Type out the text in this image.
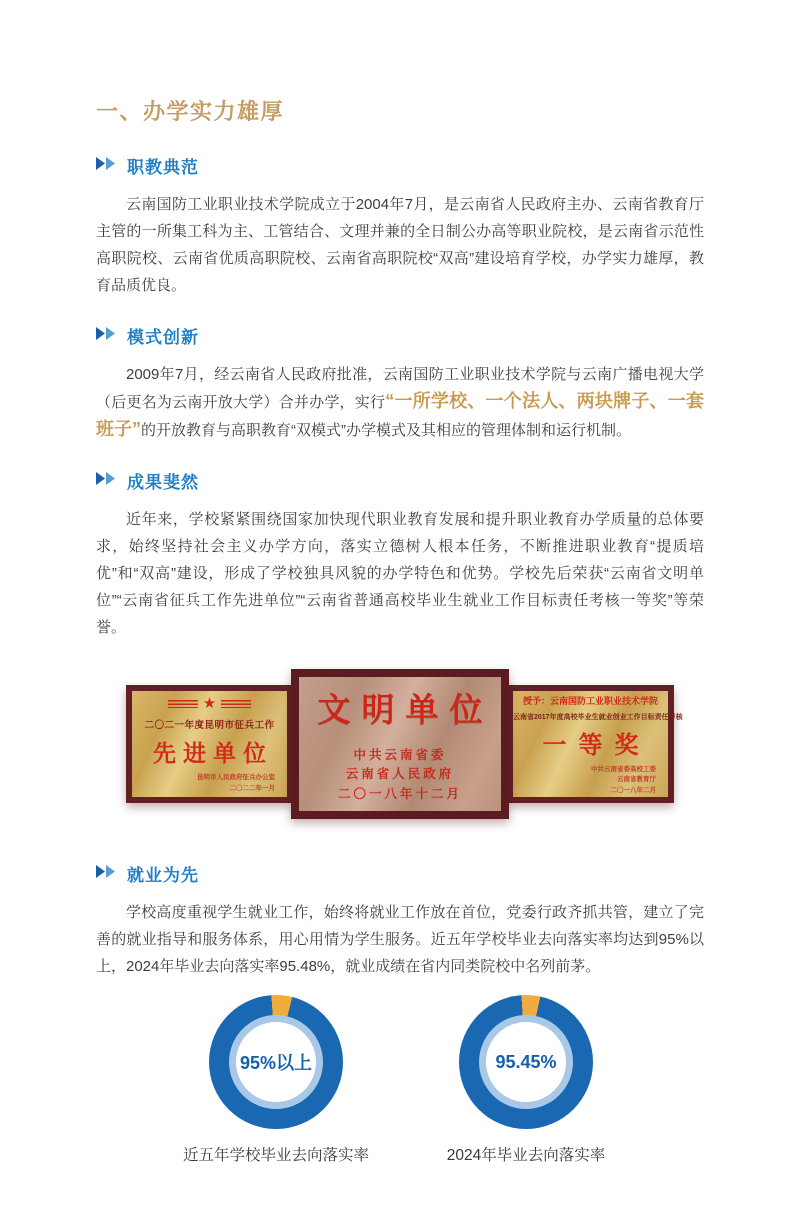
一、办学实力雄厚
职教典范

云南国防工业职业技术学院成立于2004年7月，是云南省人民政府主办、云南省教育厅主管的一所集工科为主、工管结合、文理并兼的全日制公办高等职业院校，是云南省示范性高职院校、云南省优质高职院校、云南省高职院校“双高”建设培育学校，办学实力雄厚，教育品质优良。

模式创新

2009年7月，经云南省人民政府批准，云南国防工业职业技术学院与云南广播电视大学（后更名为云南开放大学）合并办学，实行“一所学校、一个法人、两块牌子、一套班子”的开放教育与高职教育“双模式”办学模式及其相应的管理体制和运行机制。

成果斐然

近年来，学校紧紧围绕国家加快现代职业教育发展和提升职业教育办学质量的总体要求，始终坚持社会主义办学方向，落实立德树人根本任务，不断推进职业教育“提质培优”和“双高”建设，形成了学校独具风貌的办学特色和优势。学校先后荣获“云南省文明单位”“云南省征兵工作先进单位”“云南省普通高校毕业生就业工作目标责任考核一等奖”等荣誉。

★
二〇二一年度昆明市征兵工作
先进单位
昆明市人民政府征兵办公室
二〇二二年一月
文明单位
中共云南省委
云南省人民政府
二〇一八年十二月
授予：云南国防工业职业技术学院
云南省2017年度高校毕业生就业创业工作目标责任考核
一等奖
中共云南省委高校工委
云南省教育厅
二〇一八年二月
就业为先

学校高度重视学生就业工作，始终将就业工作放在首位，党委行政齐抓共管，建立了完善的就业指导和服务体系，用心用情为学生服务。近五年学校毕业去向落实率均达到95%以上，2024年毕业去向落实率95.48%，就业成绩在省内同类院校中名列前茅。

95%以上
近五年学校毕业去向落实率
95.45%
2024年毕业去向落实率
